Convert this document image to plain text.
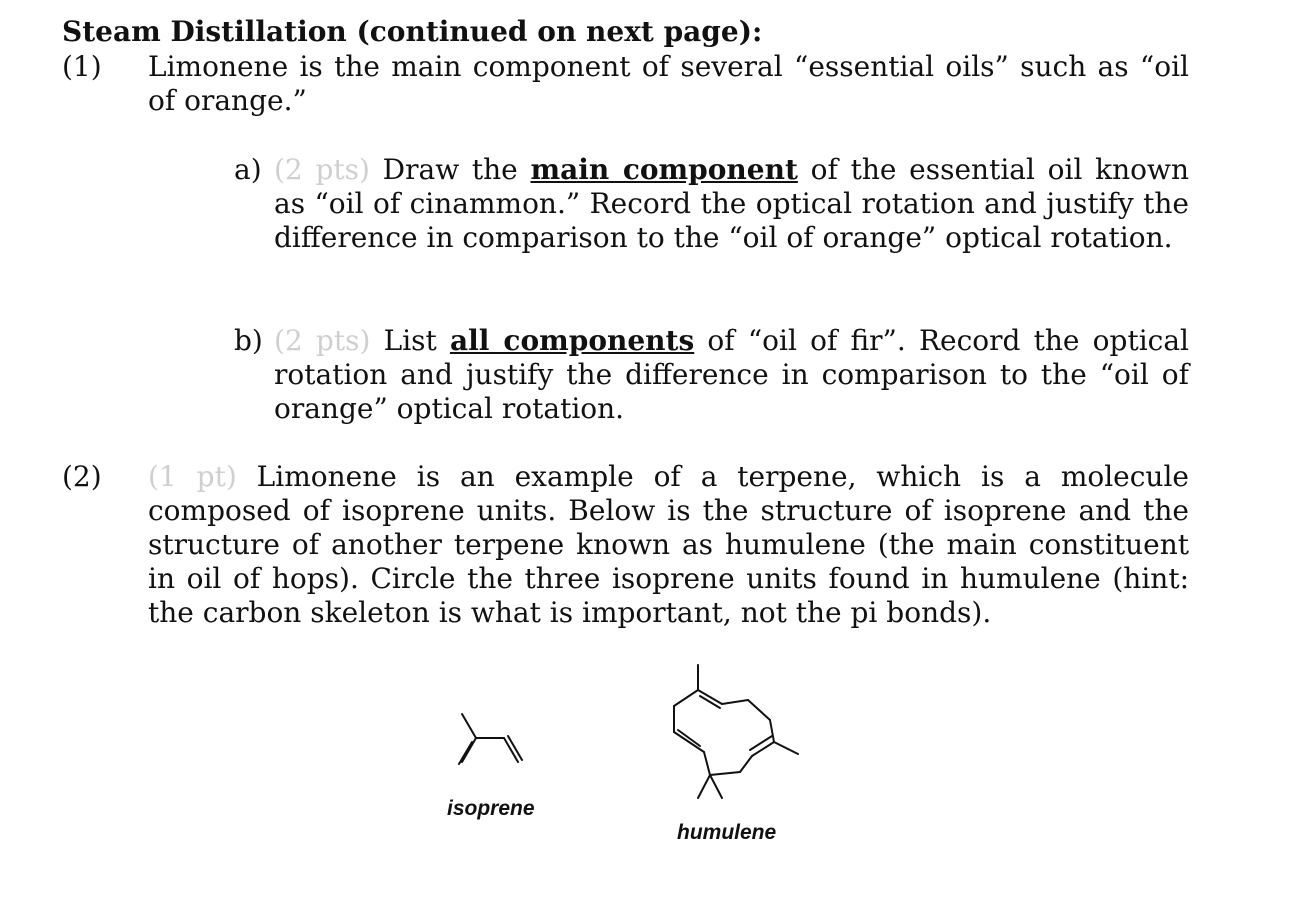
Steam Distillation (continued on next page):
(1) Limonene is the main component of several “essential oils” such as “oil of orange.”
a) (2 pts) Draw the main component of the essential oil known as “oil of cinammon.” Record the optical rotation and justify the difference in comparison to the “oil of orange” optical rotation.
b) (2 pts) List all components of “oil of fir”. Record the optical rotation and justify the difference in comparison to the “oil of orange” optical rotation.
(2) (1 pt) Limonene is an example of a terpene, which is a molecule composed of isoprene units. Below is the structure of isoprene and the structure of another terpene known as humulene (the main constituent in oil of hops). Circle the three isoprene units found in humulene (hint: the carbon skeleton is what is important, not the pi bonds).
isoprene
humulene
